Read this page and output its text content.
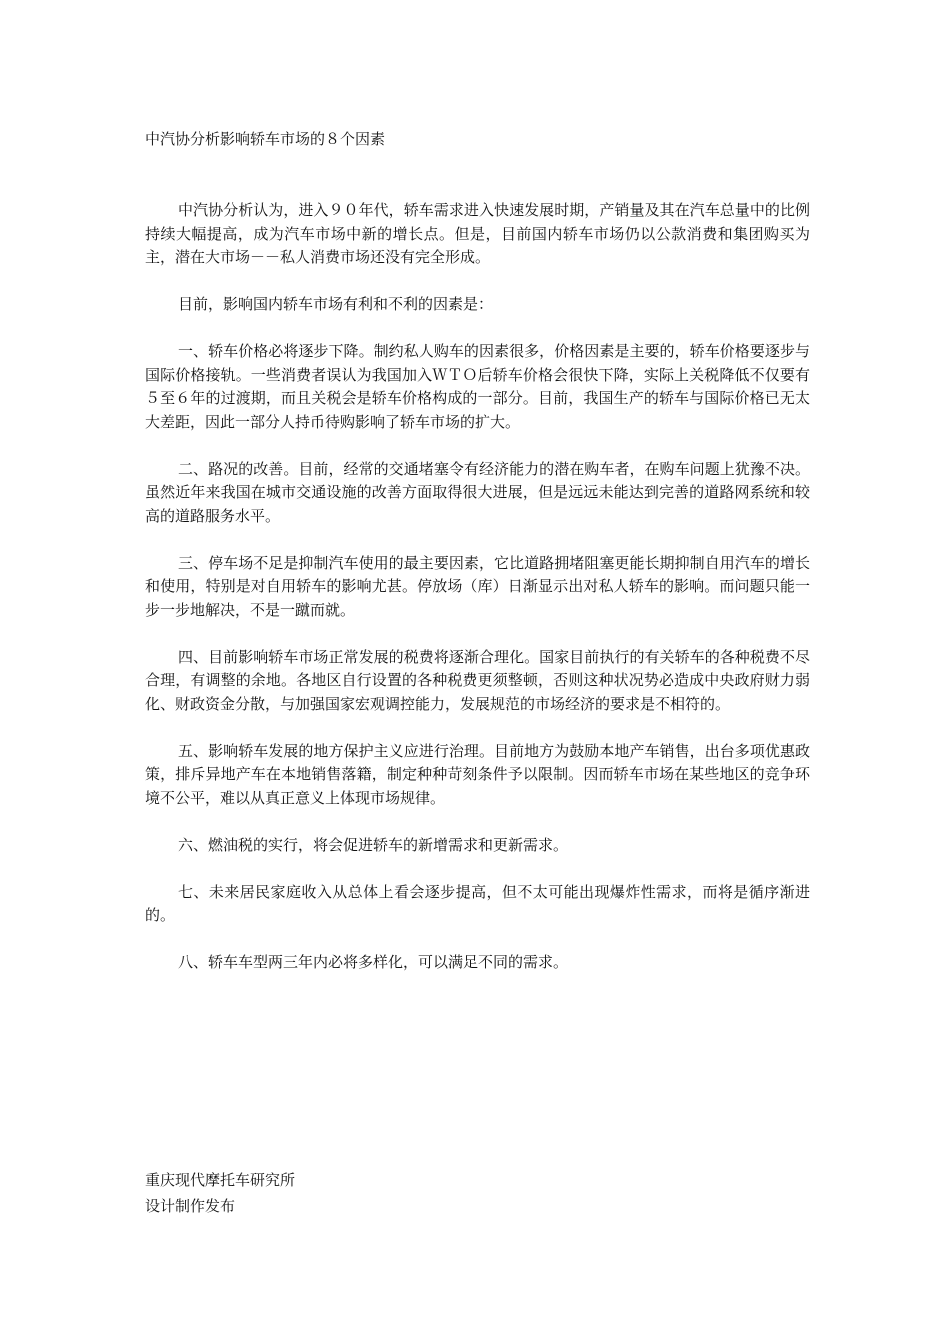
中汽协分析影响轿车市场的８个因素

中汽协分析认为，进入９０年代，轿车需求进入快速发展时期，产销量及其在汽车总量中的比例持续大幅提高，成为汽车市场中新的增长点。但是，目前国内轿车市场仍以公款消费和集团购买为主，潜在大市场－－私人消费市场还没有完全形成。

目前，影响国内轿车市场有利和不利的因素是：

一、轿车价格必将逐步下降。制约私人购车的因素很多，价格因素是主要的，轿车价格要逐步与国际价格接轨。一些消费者误认为我国加入ＷＴＯ后轿车价格会很快下降，实际上关税降低不仅要有５至６年的过渡期，而且关税会是轿车价格构成的一部分。目前，我国生产的轿车与国际价格已无太大差距，因此一部分人持币待购影响了轿车市场的扩大。

二、路况的改善。目前，经常的交通堵塞令有经济能力的潜在购车者，在购车问题上犹豫不决。虽然近年来我国在城市交通设施的改善方面取得很大进展，但是远远未能达到完善的道路网系统和较高的道路服务水平。

三、停车场不足是抑制汽车使用的最主要因素，它比道路拥堵阻塞更能长期抑制自用汽车的增长和使用，特别是对自用轿车的影响尤甚。停放场（库）日渐显示出对私人轿车的影响。而问题只能一步一步地解决，不是一蹴而就。

四、目前影响轿车市场正常发展的税费将逐渐合理化。国家目前执行的有关轿车的各种税费不尽合理，有调整的余地。各地区自行设置的各种税费更须整顿，否则这种状况势必造成中央政府财力弱化、财政资金分散，与加强国家宏观调控能力，发展规范的市场经济的要求是不相符的。

五、影响轿车发展的地方保护主义应进行治理。目前地方为鼓励本地产车销售，出台多项优惠政策，排斥异地产车在本地销售落籍，制定种种苛刻条件予以限制。因而轿车市场在某些地区的竞争环境不公平，难以从真正意义上体现市场规律。

六、燃油税的实行，将会促进轿车的新增需求和更新需求。

七、未来居民家庭收入从总体上看会逐步提高，但不太可能出现爆炸性需求，而将是循序渐进的。

八、轿车车型两三年内必将多样化，可以满足不同的需求。

重庆现代摩托车研究所
设计制作发布
